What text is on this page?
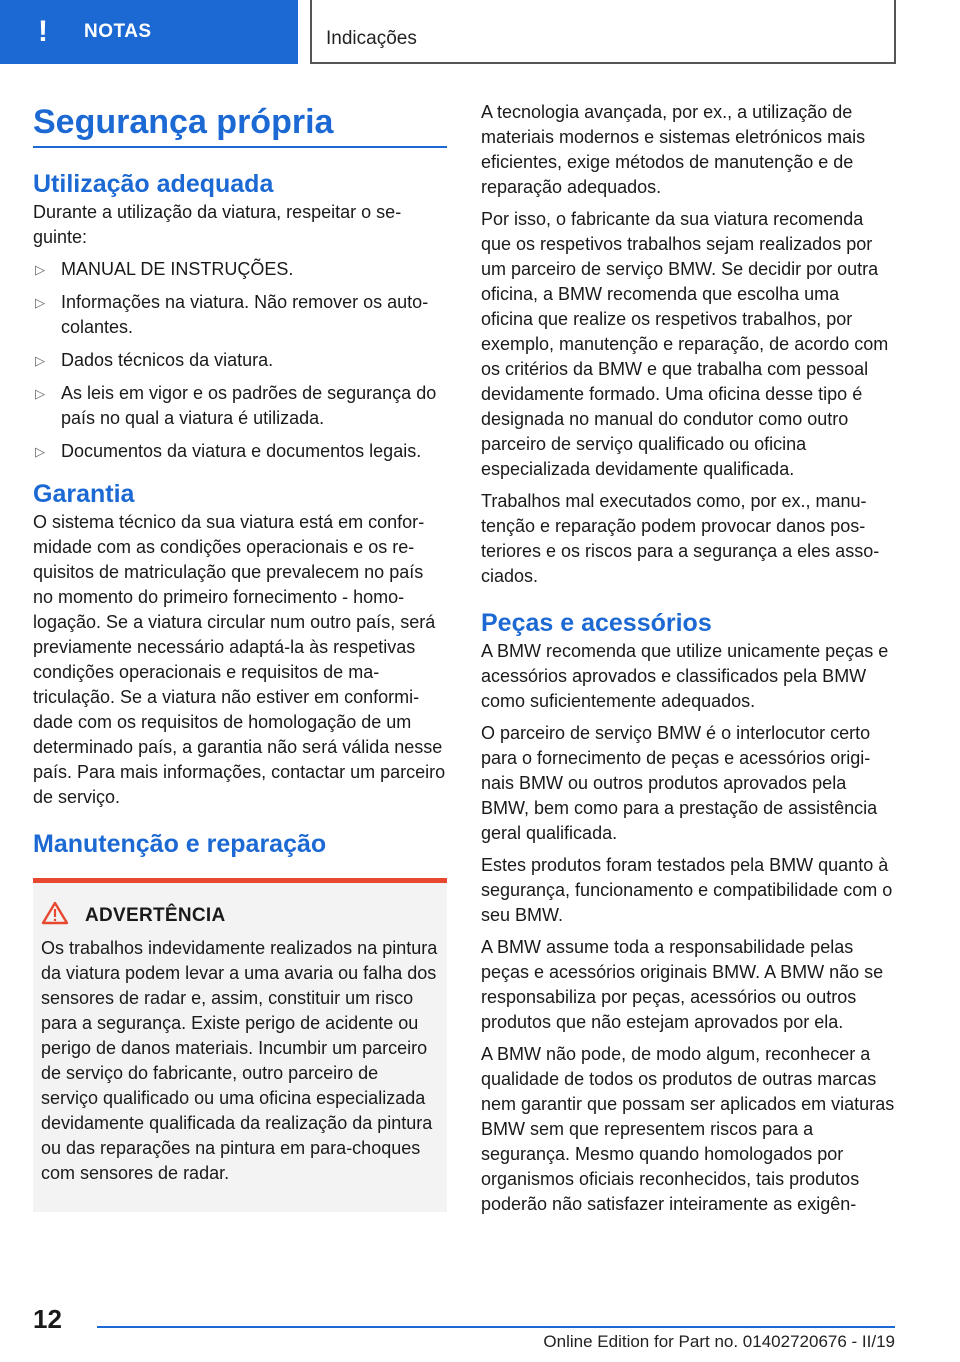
!	NOTAS	Indicações
Segurança própria
Utilização adequada
Durante a utilização da viatura, respeitar o seguinte:
▷ MANUAL DE INSTRUÇÕES.
▷ Informações na viatura. Não remover os autocolantes.
▷ Dados técnicos da viatura.
▷ As leis em vigor e os padrões de segurança do país no qual a viatura é utilizada.
▷ Documentos da viatura e documentos legais.
Garantia
O sistema técnico da sua viatura está em conformidade com as condições operacionais e os requisitos de matriculação que prevalecem no país no momento do primeiro fornecimento - homologação. Se a viatura circular num outro país, será previamente necessário adaptá-la às respetivas condições operacionais e requisitos de matriculação. Se a viatura não estiver em conformidade com os requisitos de homologação de um determinado país, a garantia não será válida nesse país. Para mais informações, contactar um parceiro de serviço.
Manutenção e reparação
ADVERTÊNCIA
Os trabalhos indevidamente realizados na pintura da viatura podem levar a uma avaria ou falha dos sensores de radar e, assim, constituir um risco para a segurança. Existe perigo de acidente ou perigo de danos materiais. Incumbir um parceiro de serviço do fabricante, outro parceiro de serviço qualificado ou uma oficina especializada devidamente qualificada da realização da pintura ou das reparações na pintura em para-choques com sensores de radar.
A tecnologia avançada, por ex., a utilização de materiais modernos e sistemas eletrónicos mais eficientes, exige métodos de manutenção e de reparação adequados.
Por isso, o fabricante da sua viatura recomenda que os respetivos trabalhos sejam realizados por um parceiro de serviço BMW. Se decidir por outra oficina, a BMW recomenda que escolha uma oficina que realize os respetivos trabalhos, por exemplo, manutenção e reparação, de acordo com os critérios da BMW e que trabalha com pessoal devidamente formado. Uma oficina desse tipo é designada no manual do condutor como outro parceiro de serviço qualificado ou oficina especializada devidamente qualificada.
Trabalhos mal executados como, por ex., manutenção e reparação podem provocar danos posteriores e os riscos para a segurança a eles associados.
Peças e acessórios
A BMW recomenda que utilize unicamente peças e acessórios aprovados e classificados pela BMW como suficientemente adequados.
O parceiro de serviço BMW é o interlocutor certo para o fornecimento de peças e acessórios originais BMW ou outros produtos aprovados pela BMW, bem como para a prestação de assistência geral qualificada.
Estes produtos foram testados pela BMW quanto à segurança, funcionamento e compatibilidade com o seu BMW.
A BMW assume toda a responsabilidade pelas peças e acessórios originais BMW. A BMW não se responsabiliza por peças, acessórios ou outros produtos que não estejam aprovados por ela.
A BMW não pode, de modo algum, reconhecer a qualidade de todos os produtos de outras marcas nem garantir que possam ser aplicados em viaturas BMW sem que representem riscos para a segurança. Mesmo quando homologados por organismos oficiais reconhecidos, tais produtos poderão não satisfazer inteiramente as exigên-
12
Online Edition for Part no. 01402720676 - II/19
